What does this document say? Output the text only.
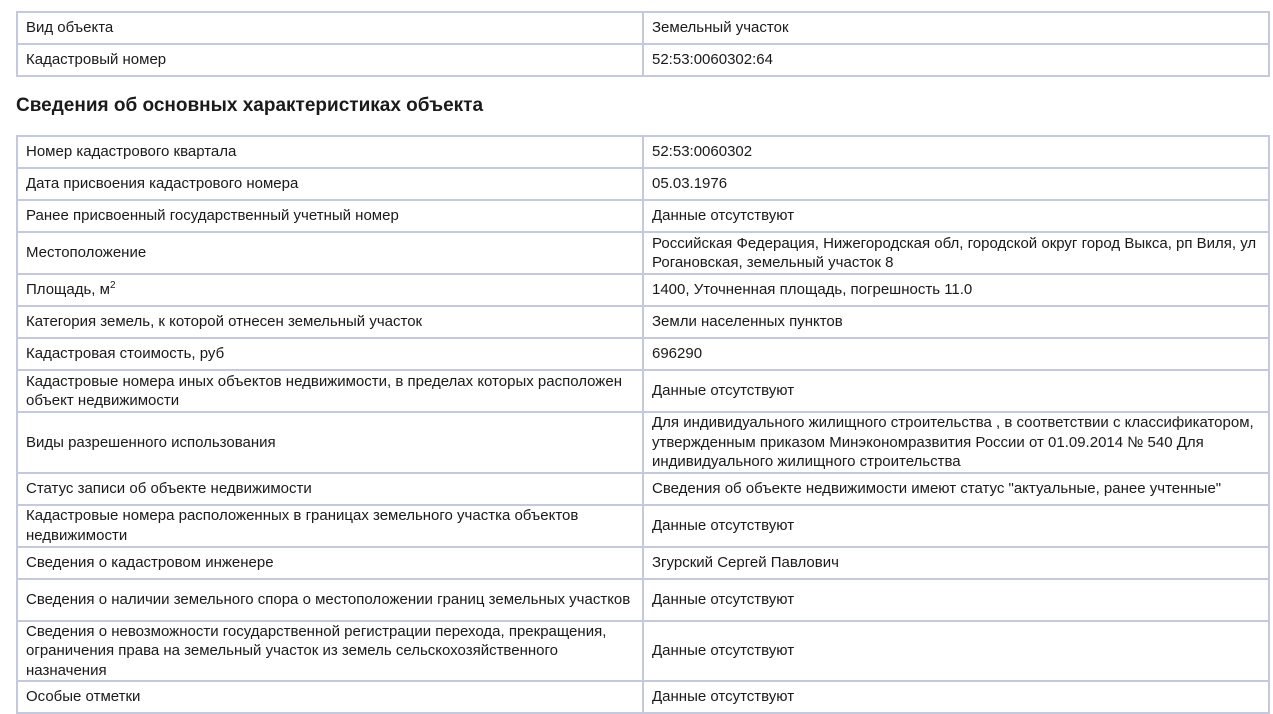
Вид объекта	Земельный участок
Кадастровый номер	52:53:0060302:64
Сведения об основных характеристиках объекта
Номер кадастрового квартала	52:53:0060302
Дата присвоения кадастрового номера	05.03.1976
Ранее присвоенный государственный учетный номер	Данные отсутствуют
Местоположение	Российская Федерация, Нижегородская обл, городской округ город Выкса, рп Виля, ул Рогановская, земельный участок 8
Площадь, $м^2$	1400, Уточненная площадь, погрешность 11.0
Категория земель, к которой отнесен земельный участок	Земли населенных пунктов
Кадастровая стоимость, руб	696290
Кадастровые номера иных объектов недвижимости, в пределах которых расположен объект недвижимости	Данные отсутствуют
Виды разрешенного использования	Для индивидуального жилищного строительства , в соответствии с классификатором, утвержденным приказом Минэкономразвития России от 01.09.2014 № 540 Для индивидуального жилищного строительства
Статус записи об объекте недвижимости	Сведения об объекте недвижимости имеют статус "актуальные, ранее учтенные"
Кадастровые номера расположенных в границах земельного участка объектов недвижимости	Данные отсутствуют
Сведения о кадастровом инженере	Згурский Сергей Павлович
Сведения о наличии земельного спора о местоположении границ земельных участков	Данные отсутствуют
Сведения о невозможности государственной регистрации перехода, прекращения, ограничения права на земельный участок из земель сельскохозяйственного назначения	Данные отсутствуют
Особые отметки	Данные отсутствуют
